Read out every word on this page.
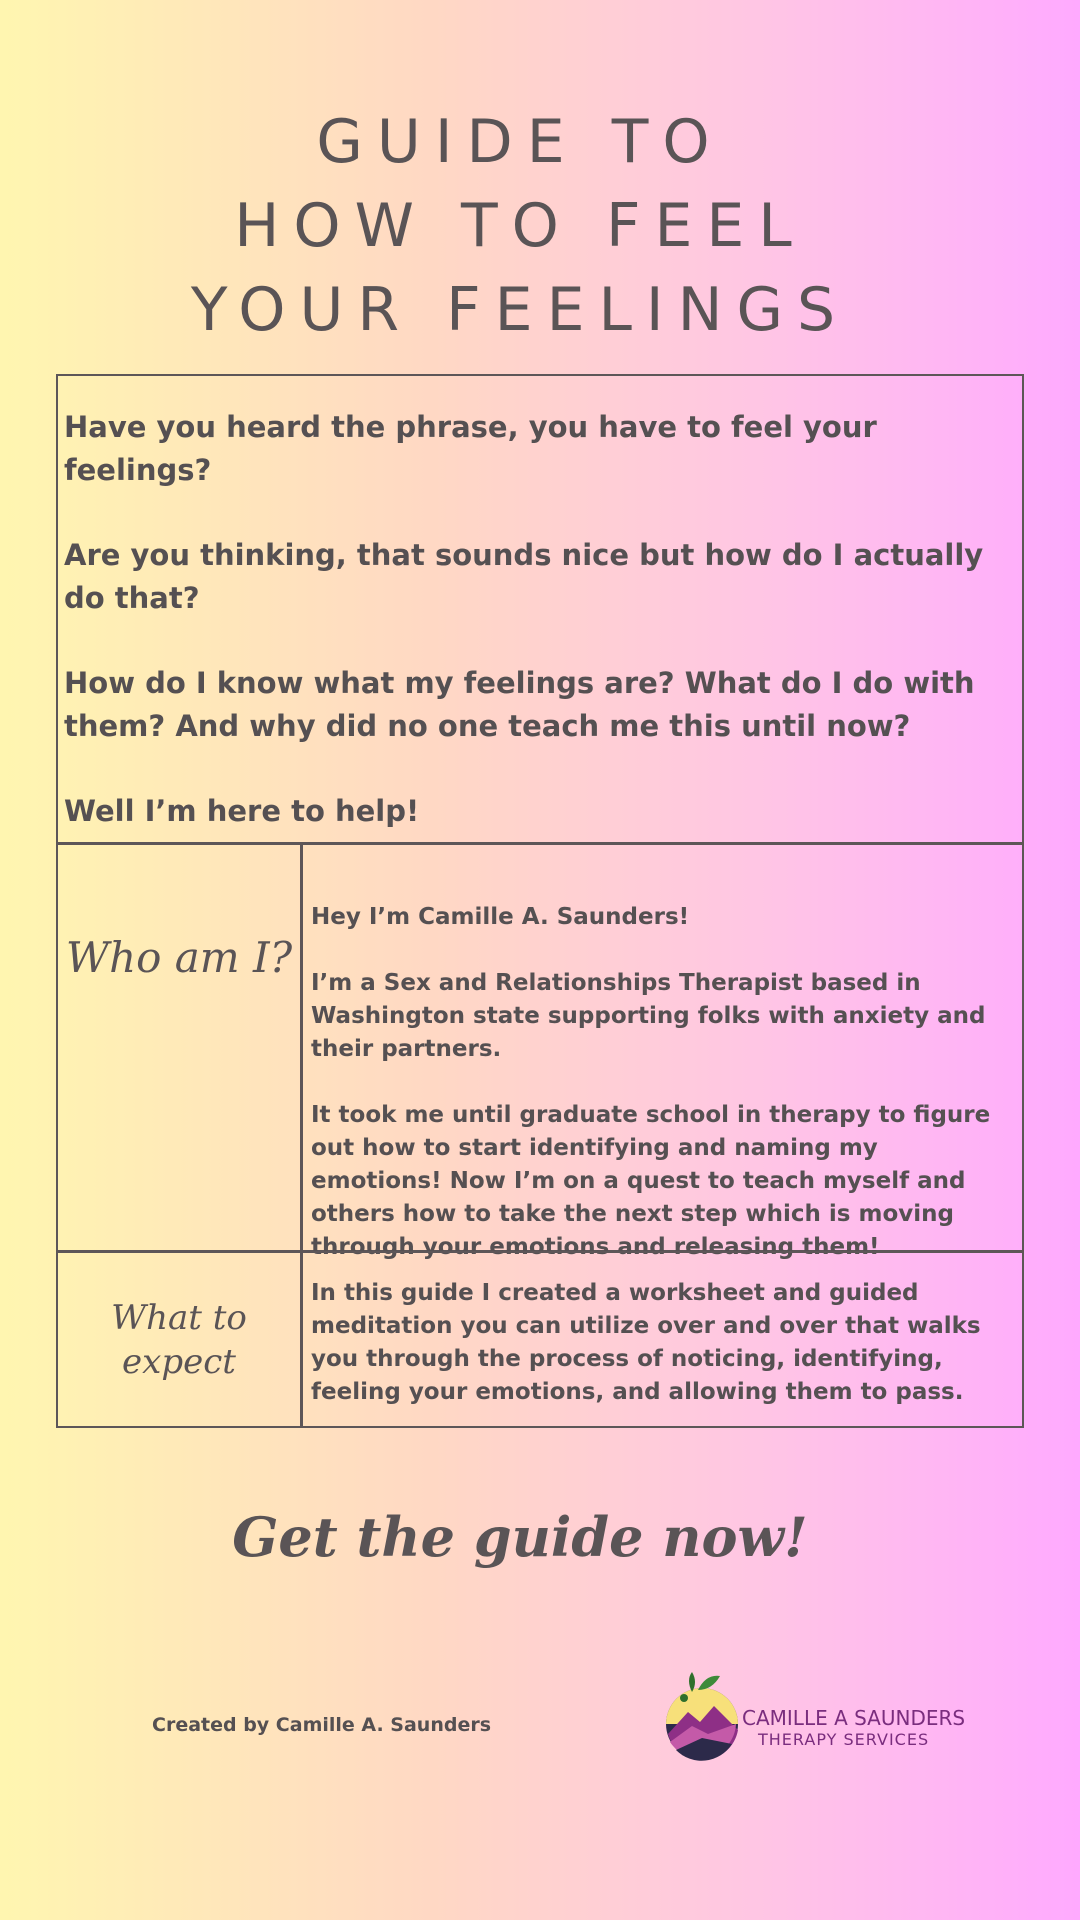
GUIDE TO
HOW TO FEEL
YOUR FEELINGS

Have you heard the phrase, you have to feel your feelings?

Are you thinking, that sounds nice but how do I actually do that?

How do I know what my feelings are? What do I do with them? And why did no one teach me this until now?

Well I’m here to help!

Who am I?

Hey I’m Camille A. Saunders!

I’m a Sex and Relationships Therapist based in Washington state supporting folks with anxiety and their partners.

It took me until graduate school in therapy to figure out how to start identifying and naming my emotions! Now I’m on a quest to teach myself and others how to take the next step which is moving through your emotions and releasing them!

What to expect

In this guide I created a worksheet and guided meditation you can utilize over and over that walks you through the process of noticing, identifying, feeling your emotions, and allowing them to pass.

Get the guide now!
Created by Camille A. Saunders	CAMILLE A SAUNDERS
THERAPY SERVICES
